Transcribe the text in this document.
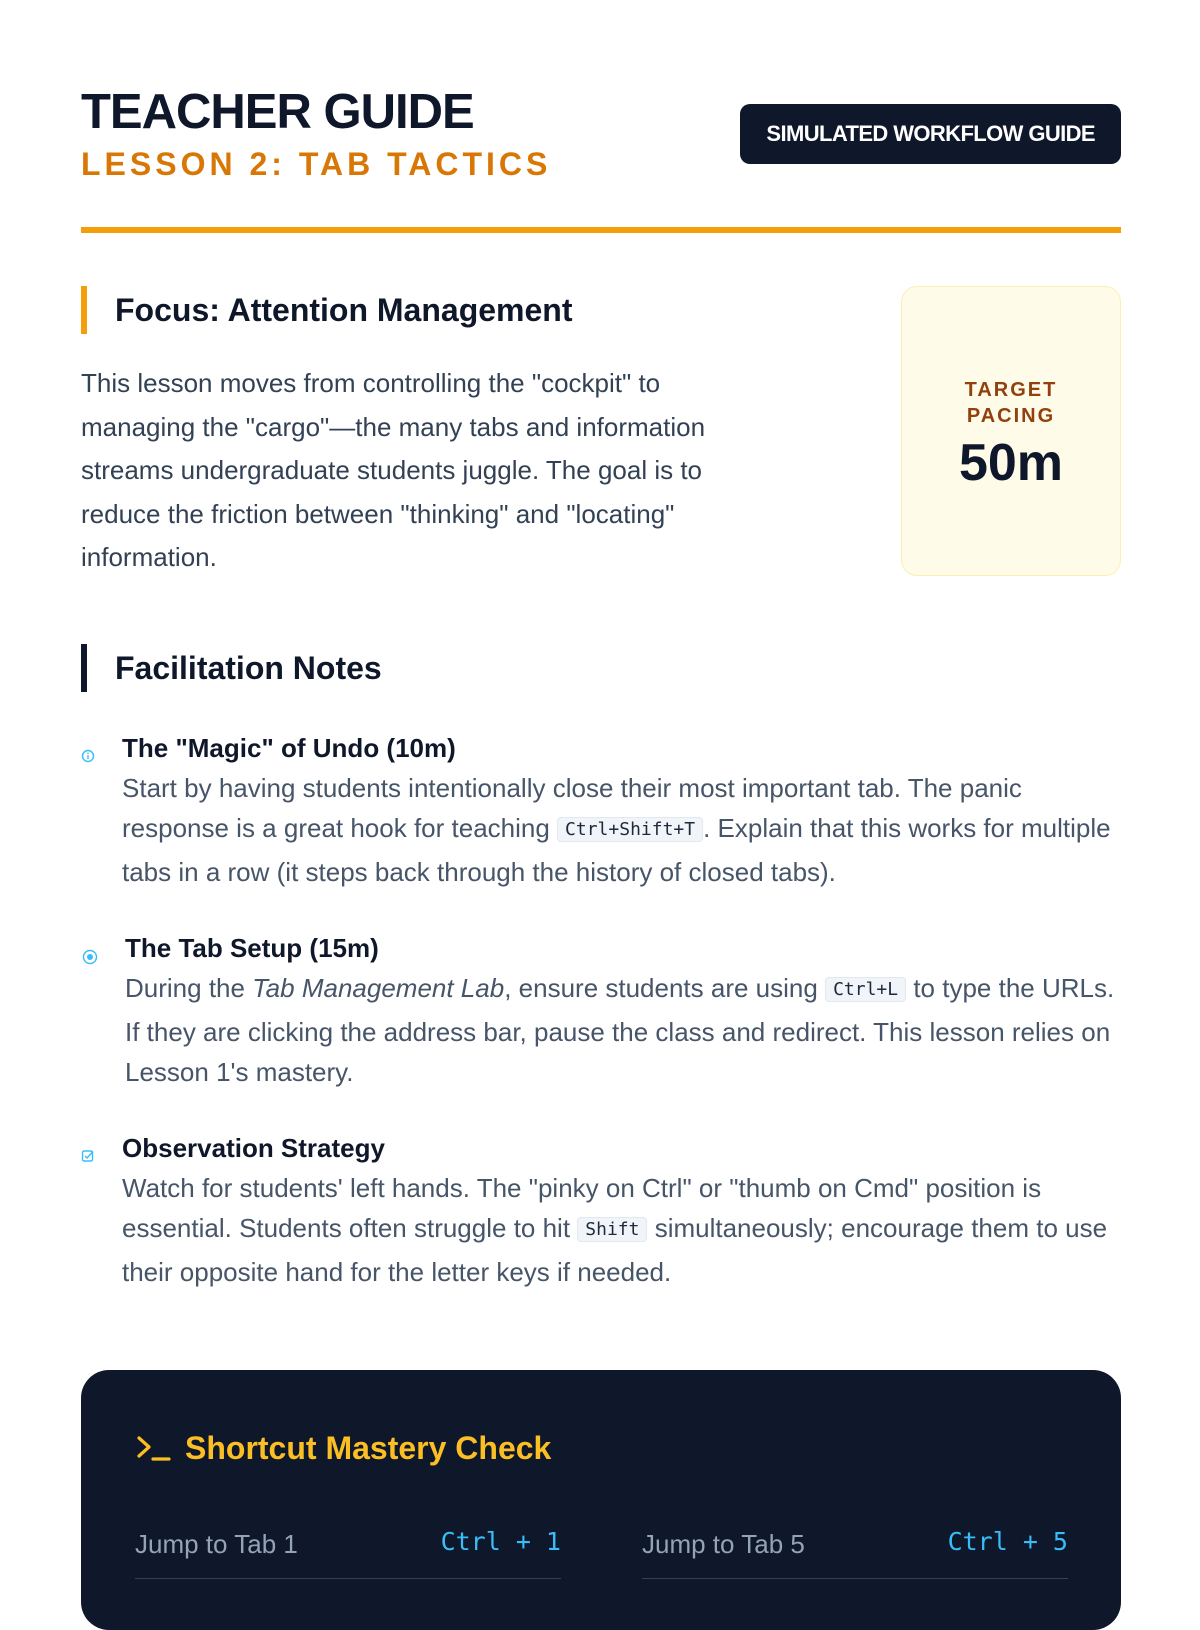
TEACHER GUIDE
LESSON 2: TAB TACTICS
SIMULATED WORKFLOW GUIDE
Focus: Attention Management
This lesson moves from controlling the "cockpit" to managing the "cargo"—the many tabs and information streams undergraduate students juggle. The goal is to reduce the friction between "thinking" and "locating" information.
TARGET
PACING
50m
Facilitation Notes
The "Magic" of Undo (10m)
Start by having students intentionally close their most important tab. The panic response is a great hook for teaching Ctrl+Shift+T . Explain that this works for multiple tabs in a row (it steps back through the history of closed tabs).
The Tab Setup (15m)
During the Tab Management Lab, ensure students are using Ctrl+L to type the URLs. If they are clicking the address bar, pause the class and redirect. This lesson relies on Lesson 1's mastery.
Observation Strategy
Watch for students' left hands. The "pinky on Ctrl" or "thumb on Cmd" position is essential. Students often struggle to hit Shift simultaneously; encourage them to use their opposite hand for the letter keys if needed.
Shortcut Mastery Check
Jump to Tab 1	Ctrl + 1	Jump to Tab 5	Ctrl + 5
